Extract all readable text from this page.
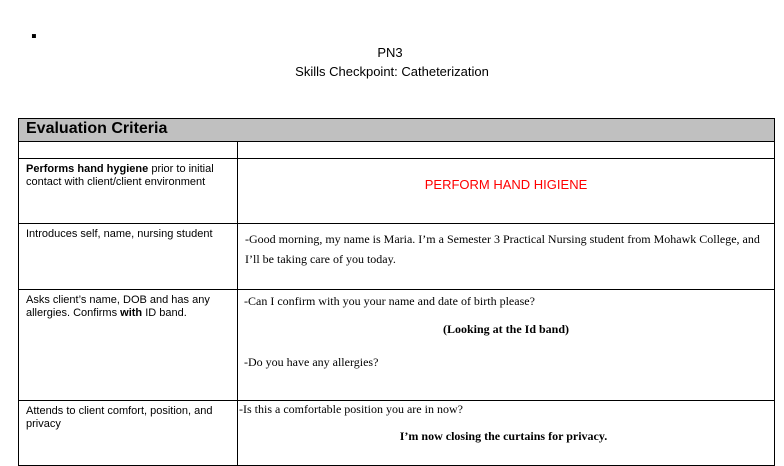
▪
PN3
Skills Checkpoint: Catheterization
Evaluation Criteria	

Performs hand hygiene prior to initial contact with client/client environment	PERFORM HAND HIGIENE
Introduces self, name, nursing student	-Good morning, my name is Maria. I’m a Semester 3 Practical Nursing student from Mohawk College, and I’ll be taking care of you today.
Asks client’s name, DOB and has any allergies. Confirms with ID band.	-Can I confirm with you your name and date of birth please?

(Looking at the Id band)

-Do you have any allergies?

Attends to client comfort, position, and privacy	-Is this a comfortable position you are in now?

I’m now closing the curtains for privacy.
